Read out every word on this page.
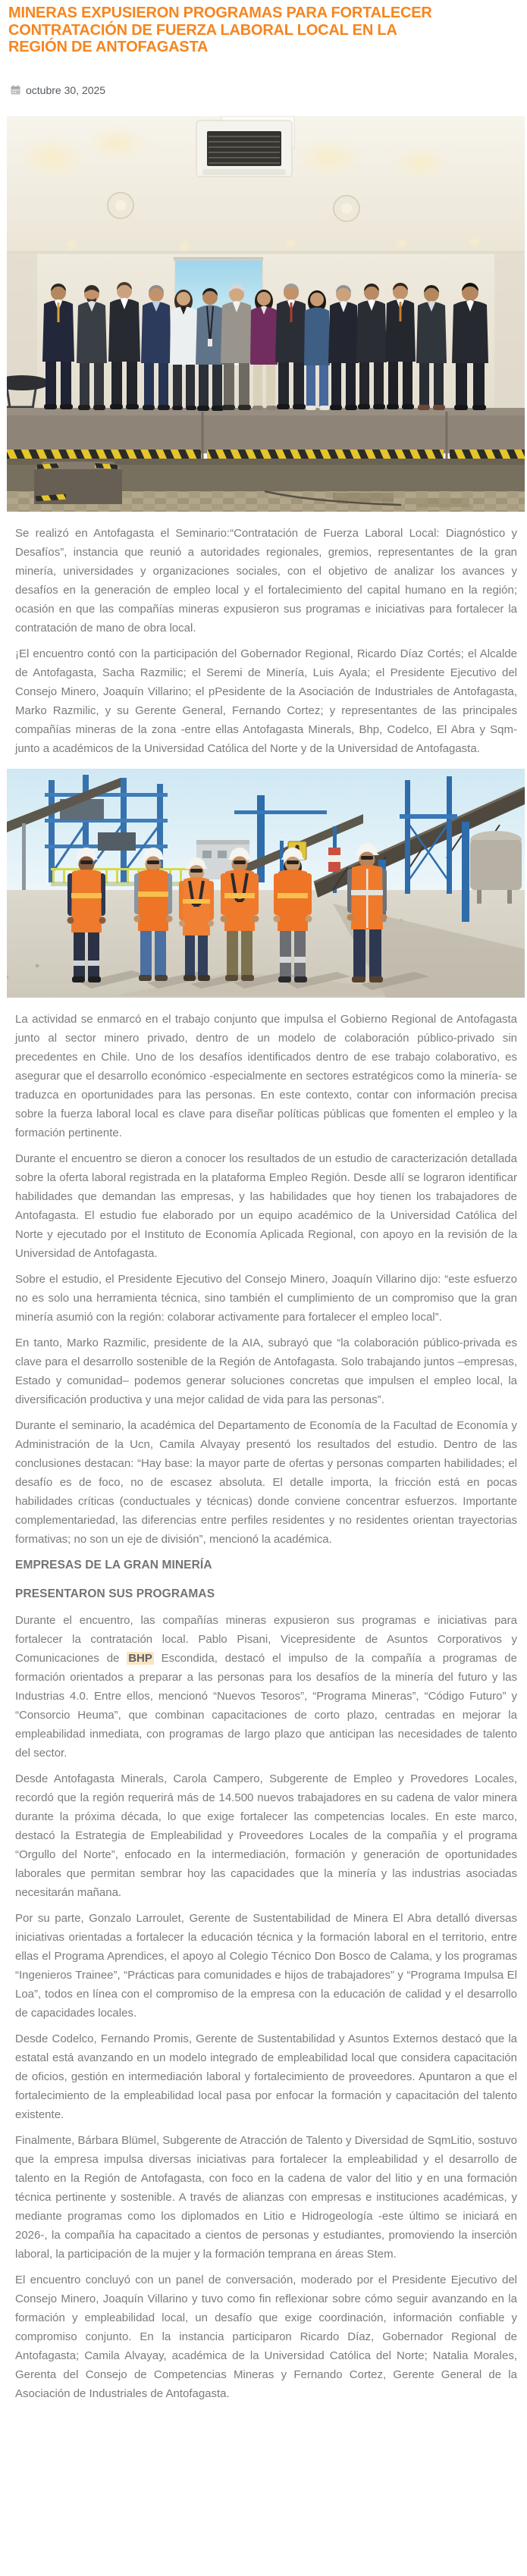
MINERAS EXPUSIERON PROGRAMAS PARA FORTALECER CONTRATACIÓN DE FUERZA LABORAL LOCAL EN LA REGIÓN DE ANTOFAGASTA
octubre 30, 2025

Se realizó en Antofagasta el Seminario:“Contratación de Fuerza Laboral Local: Diagnóstico y Desafíos”, instancia que reunió a autoridades regionales, gremios, representantes de la gran minería, universidades y organizaciones sociales, con el objetivo de analizar los avances y desafíos en la generación de empleo local y el fortalecimiento del capital humano en la región; ocasión en que las compañías mineras expusieron sus programas e iniciativas para fortalecer la contratación de mano de obra local.

¡El encuentro contó con la participación del Gobernador Regional, Ricardo Díaz Cortés; el Alcalde de Antofagasta, Sacha Razmilic; el Seremi de Minería, Luis Ayala; el Presidente Ejecutivo del Consejo Minero, Joaquín Villarino; el pPesidente de la Asociación de Industriales de Antofagasta, Marko Razmilic, y su Gerente General, Fernando Cortez; y representantes de las principales compañías mineras de la zona -entre ellas Antofagasta Minerals, Bhp, Codelco, El Abra y Sqm- junto a académicos de la Universidad Católica del Norte y de la Universidad de Antofagasta.

La actividad se enmarcó en el trabajo conjunto que impulsa el Gobierno Regional de Antofagasta junto al sector minero privado, dentro de un modelo de colaboración público-privado sin precedentes en Chile. Uno de los desafíos identificados dentro de ese trabajo colaborativo, es asegurar que el desarrollo económico -especialmente en sectores estratégicos como la minería- se traduzca en oportunidades para las personas. En este contexto, contar con información precisa sobre la fuerza laboral local es clave para diseñar políticas públicas que fomenten el empleo y la formación pertinente.

Durante el encuentro se dieron a conocer los resultados de un estudio de caracterización detallada sobre la oferta laboral registrada en la plataforma Empleo Región. Desde allí se lograron identificar habilidades que demandan las empresas, y las habilidades que hoy tienen los trabajadores de Antofagasta. El estudio fue elaborado por un equipo académico de la Universidad Católica del Norte y ejecutado por el Instituto de Economía Aplicada Regional, con apoyo en la revisión de la Universidad de Antofagasta.

Sobre el estudio, el Presidente Ejecutivo del Consejo Minero, Joaquín Villarino dijo: “este esfuerzo no es solo una herramienta técnica, sino también el cumplimiento de un compromiso que la gran minería asumió con la región: colaborar activamente para fortalecer el empleo local”.

En tanto, Marko Razmilic, presidente de la AIA, subrayó que “la colaboración público-privada es clave para el desarrollo sostenible de la Región de Antofagasta. Solo trabajando juntos –empresas, Estado y comunidad– podemos generar soluciones concretas que impulsen el empleo local, la diversificación productiva y una mejor calidad de vida para las personas”.

Durante el seminario, la académica del Departamento de Economía de la Facultad de Economía y Administración de la Ucn, Camila Alvayay presentó los resultados del estudio. Dentro de las conclusiones destacan: “Hay base: la mayor parte de ofertas y personas comparten habilidades; el desafío es de foco, no de escasez absoluta. El detalle importa, la fricción está en pocas habilidades críticas (conductuales y técnicas) donde conviene concentrar esfuerzos. Importante complementariedad, las diferencias entre perfiles residentes y no residentes orientan trayectorias formativas; no son un eje de división”, mencionó la académica.

EMPRESAS DE LA GRAN MINERÍA
PRESENTARON SUS PROGRAMAS

Durante el encuentro, las compañías mineras expusieron sus programas e iniciativas para fortalecer la contratación local. Pablo Pisani, Vicepresidente de Asuntos Corporativos y Comunicaciones de BHP Escondida, destacó el impulso de la compañía a programas de formación orientados a preparar a las personas para los desafíos de la minería del futuro y las Industrias 4.0. Entre ellos, mencionó “Nuevos Tesoros”, “Programa Mineras”, “Código Futuro” y “Consorcio Heuma”, que combinan capacitaciones de corto plazo, centradas en mejorar la empleabilidad inmediata, con programas de largo plazo que anticipan las necesidades de talento del sector.

Desde Antofagasta Minerals, Carola Campero, Subgerente de Empleo y Provedores Locales, recordó que la región requerirá más de 14.500 nuevos trabajadores en su cadena de valor minera durante la próxima década, lo que exige fortalecer las competencias locales. En este marco, destacó la Estrategia de Empleabilidad y Proveedores Locales de la compañía y el programa “Orgullo del Norte”, enfocado en la intermediación, formación y generación de oportunidades laborales que permitan sembrar hoy las capacidades que la minería y las industrias asociadas necesitarán mañana.

Por su parte, Gonzalo Larroulet, Gerente de Sustentabilidad de Minera El Abra detalló diversas iniciativas orientadas a fortalecer la educación técnica y la formación laboral en el territorio, entre ellas el Programa Aprendices, el apoyo al Colegio Técnico Don Bosco de Calama, y los programas “Ingenieros Trainee”, “Prácticas para comunidades e hijos de trabajadores” y “Programa Impulsa El Loa”, todos en línea con el compromiso de la empresa con la educación de calidad y el desarrollo de capacidades locales.

Desde Codelco, Fernando Promis, Gerente de Sustentabilidad y Asuntos Externos destacó que la estatal está avanzando en un modelo integrado de empleabilidad local que considera capacitación de oficios, gestión en intermediación laboral y fortalecimiento de proveedores. Apuntaron a que el fortalecimiento de la empleabilidad local pasa por enfocar la formación y capacitación del talento existente.

Finalmente, Bárbara Blümel, Subgerente de Atracción de Talento y Diversidad de SqmLitio, sostuvo que la empresa impulsa diversas iniciativas para fortalecer la empleabilidad y el desarrollo de talento en la Región de Antofagasta, con foco en la cadena de valor del litio y en una formación técnica pertinente y sostenible. A través de alianzas con empresas e instituciones académicas, y mediante programas como los diplomados en Litio e Hidrogeología -este último se iniciará en 2026-, la compañía ha capacitado a cientos de personas y estudiantes, promoviendo la inserción laboral, la participación de la mujer y la formación temprana en áreas Stem.

El encuentro concluyó con un panel de conversación, moderado por el Presidente Ejecutivo del Consejo Minero, Joaquín Villarino y tuvo como fin reflexionar sobre cómo seguir avanzando en la formación y empleabilidad local, un desafío que exige coordinación, información confiable y compromiso conjunto. En la instancia participaron Ricardo Díaz, Gobernador Regional de Antofagasta; Camila Alvayay, académica de la Universidad Católica del Norte; Natalia Morales, Gerenta del Consejo de Competencias Mineras y Fernando Cortez, Gerente General de la Asociación de Industriales de Antofagasta.
